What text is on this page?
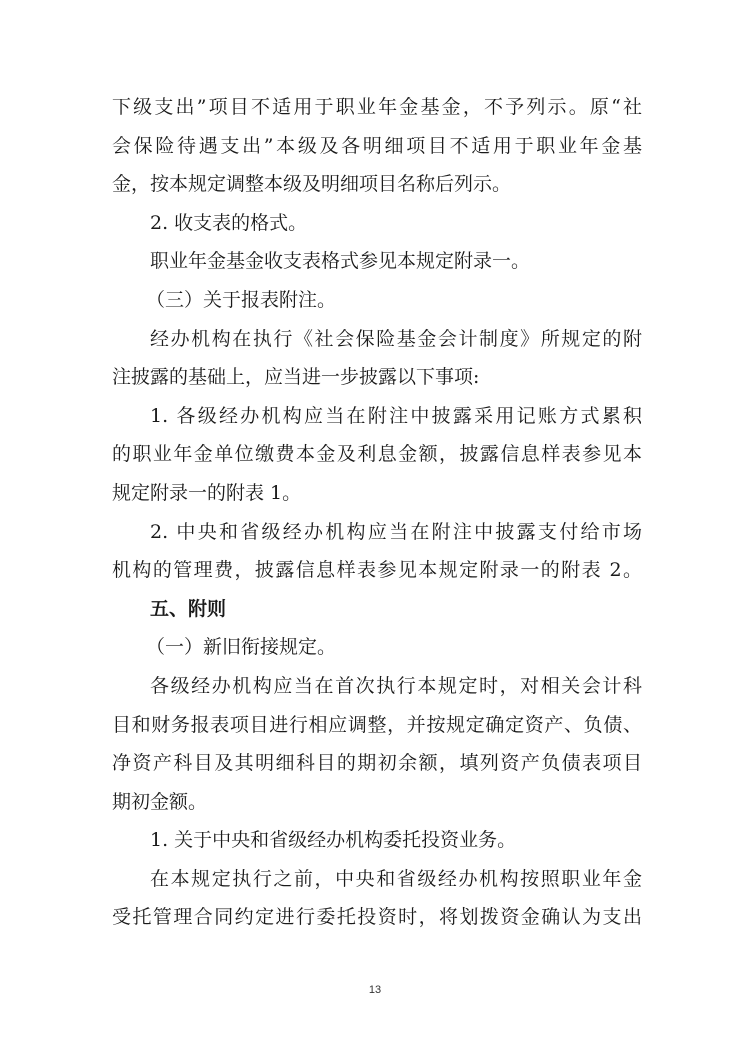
下级支出”项目不适用于职业年金基金，不予列示。原“社
会保险待遇支出”本级及各明细项目不适用于职业年金基
金，按本规定调整本级及明细项目名称后列示。
2. 收支表的格式。
职业年金基金收支表格式参见本规定附录一。
（三）关于报表附注。
经办机构在执行《社会保险基金会计制度》所规定的附
注披露的基础上，应当进一步披露以下事项:
1. 各级经办机构应当在附注中披露采用记账方式累积
的职业年金单位缴费本金及利息金额，披露信息样表参见本
规定附录一的附表 1。
2. 中央和省级经办机构应当在附注中披露支付给市场
机构的管理费，披露信息样表参见本规定附录一的附表 2。
五、附则
（一）新旧衔接规定。
各级经办机构应当在首次执行本规定时，对相关会计科
目和财务报表项目进行相应调整，并按规定确定资产、负债、
净资产科目及其明细科目的期初余额，填列资产负债表项目
期初金额。
1. 关于中央和省级经办机构委托投资业务。
在本规定执行之前，中央和省级经办机构按照职业年金
受托管理合同约定进行委托投资时，将划拨资金确认为支出
13
